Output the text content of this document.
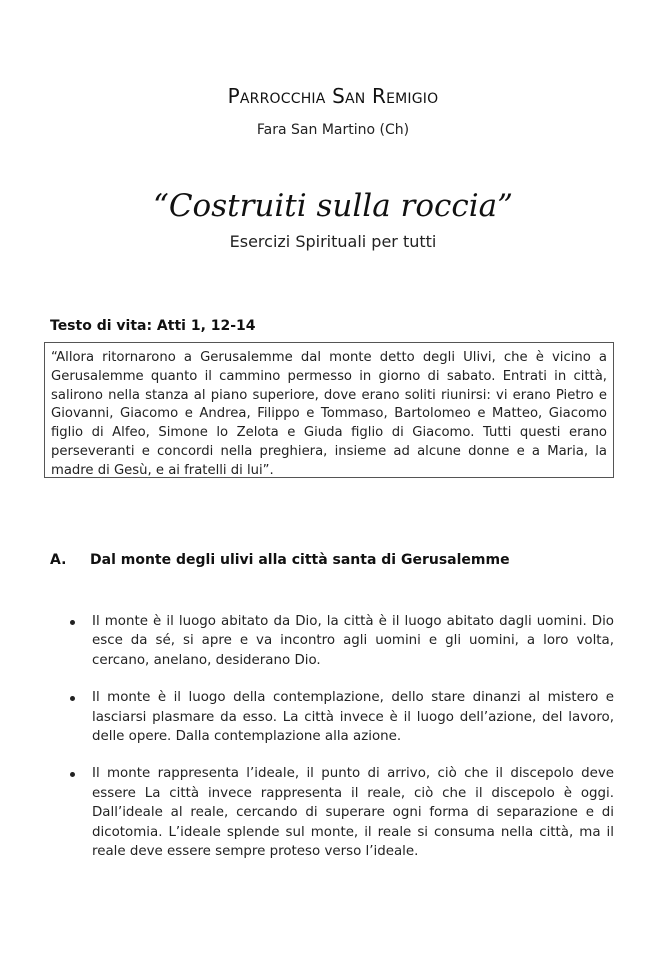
Parrocchia San Remigio
Fara San Martino (Ch)
“Costruiti sulla roccia”
Esercizi Spirituali per tutti
Testo di vita: Atti 1, 12-14
“Allora ritornarono a Gerusalemme dal monte detto degli Ulivi, che è vicino a Gerusalemme quanto il cammino permesso in giorno di sabato. Entrati in città, salirono nella stanza al piano superiore, dove erano soliti riunirsi: vi erano Pietro e Giovanni, Giacomo e Andrea, Filippo e Tommaso, Bartolomeo e Matteo, Giacomo figlio di Alfeo, Simone lo Zelota e Giuda figlio di Giacomo. Tutti questi erano perseveranti e concordi nella preghiera, insieme ad alcune donne e a Maria, la madre di Gesù, e ai fratelli di lui”.
A. Dal monte degli ulivi alla città santa di Gerusalemme
Il monte è il luogo abitato da Dio, la città è il luogo abitato dagli uomini. Dio esce da sé, si apre e va incontro agli uomini e gli uomini, a loro volta, cercano, anelano, desiderano Dio.
Il monte è il luogo della contemplazione, dello stare dinanzi al mistero e lasciarsi plasmare da esso. La città invece è il luogo dell’azione, del lavoro, delle opere. Dalla contemplazione alla azione.
Il monte rappresenta l’ideale, il punto di arrivo, ciò che il discepolo deve essere La città invece rappresenta il reale, ciò che il discepolo è oggi. Dall’ideale al reale, cercando di superare ogni forma di separazione e di dicotomia. L’ideale splende sul monte, il reale si consuma nella città, ma il reale deve essere sempre proteso verso l’ideale.
